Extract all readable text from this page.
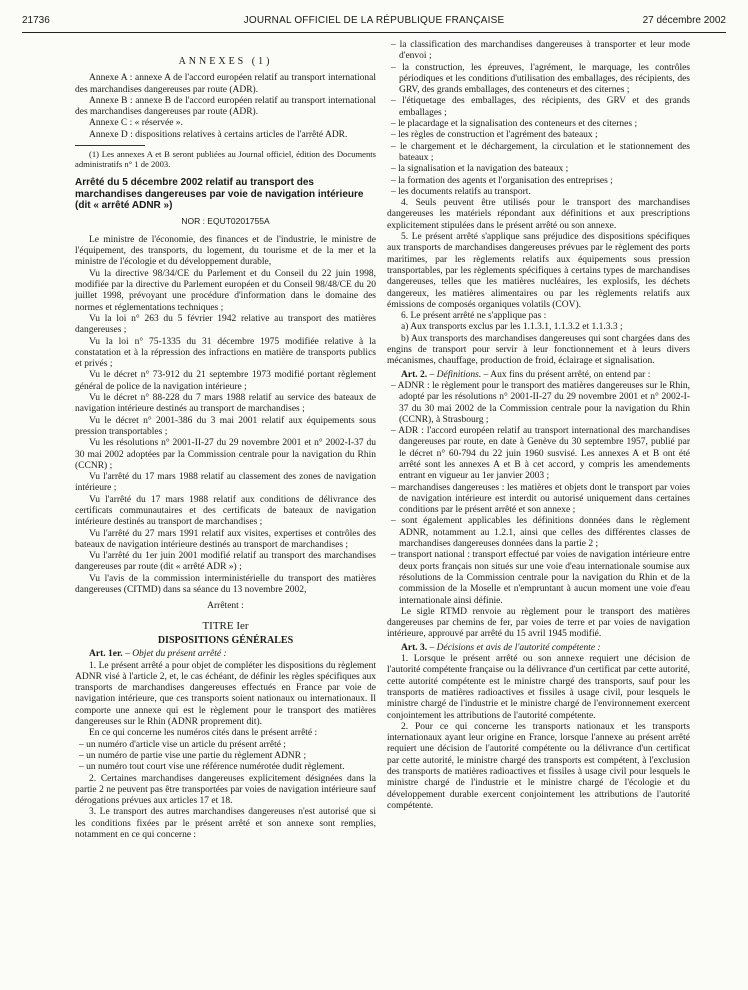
21736	JOURNAL OFFICIEL DE LA RÉPUBLIQUE FRANÇAISE	27 décembre 2002
ANNEXES (1)

Annexe A : annexe A de l'accord européen relatif au transport international des marchandises dangereuses par route (ADR).

Annexe B : annexe B de l'accord européen relatif au transport international des marchandises dangereuses par route (ADR).

Annexe C : « réservée ».

Annexe D : dispositions relatives à certains articles de l'arrêté ADR.

(1) Les annexes A et B seront publiées au Journal officiel, édition des Documents administratifs n° 1 de 2003.

Arrêté du 5 décembre 2002 relatif au transport des marchandises dangereuses par voie de navigation intérieure (dit « arrêté ADNR »)

NOR : EQUT0201755A

Le ministre de l'économie, des finances et de l'industrie, le ministre de l'équipement, des transports, du logement, du tourisme et de la mer et la ministre de l'écologie et du développement durable,

Vu la directive 98/34/CE du Parlement et du Conseil du 22 juin 1998, modifiée par la directive du Parlement européen et du Conseil 98/48/CE du 20 juillet 1998, prévoyant une procédure d'information dans le domaine des normes et réglementations techniques ;

Vu la loi n° 263 du 5 février 1942 relative au transport des matières dangereuses ;

Vu la loi n° 75-1335 du 31 décembre 1975 modifiée relative à la constatation et à la répression des infractions en matière de transports publics et privés ;

Vu le décret n° 73-912 du 21 septembre 1973 modifié portant règlement général de police de la navigation intérieure ;

Vu le décret n° 88-228 du 7 mars 1988 relatif au service des bateaux de navigation intérieure destinés au transport de marchandises ;

Vu le décret n° 2001-386 du 3 mai 2001 relatif aux équipements sous pression transportables ;

Vu les résolutions n° 2001-II-27 du 29 novembre 2001 et n° 2002-I-37 du 30 mai 2002 adoptées par la Commission centrale pour la navigation du Rhin (CCNR) ;

Vu l'arrêté du 17 mars 1988 relatif au classement des zones de navigation intérieure ;

Vu l'arrêté du 17 mars 1988 relatif aux conditions de délivrance des certificats communautaires et des certificats de bateaux de navigation intérieure destinés au transport de marchandises ;

Vu l'arrêté du 27 mars 1991 relatif aux visites, expertises et contrôles des bateaux de navigation intérieure destinés au transport de marchandises ;

Vu l'arrêté du 1er juin 2001 modifié relatif au transport des marchandises dangereuses par route (dit « arrêté ADR ») ;

Vu l'avis de la commission interministérielle du transport des matières dangereuses (CITMD) dans sa séance du 13 novembre 2002,

Arrêtent :

TITRE Ier
DISPOSITIONS GÉNÉRALES

Art. 1er. – Objet du présent arrêté :

1. Le présent arrêté a pour objet de compléter les dispositions du règlement ADNR visé à l'article 2, et, le cas échéant, de définir les règles spécifiques aux transports de marchandises dangereuses effectués en France par voie de navigation intérieure, que ces transports soient nationaux ou internationaux. Il comporte une annexe qui est le règlement pour le transport des matières dangereuses sur le Rhin (ADNR proprement dit).

En ce qui concerne les numéros cités dans le présent arrêté :

– un numéro d'article vise un article du présent arrêté ;

– un numéro de partie vise une partie du règlement ADNR ;

– un numéro tout court vise une référence numérotée dudit règlement.

2. Certaines marchandises dangereuses explicitement désignées dans la partie 2 ne peuvent pas être transportées par voies de navigation intérieure sauf dérogations prévues aux articles 17 et 18.

3. Le transport des autres marchandises dangereuses n'est autorisé que si les conditions fixées par le présent arrêté et son annexe sont remplies, notamment en ce qui concerne :

– la classification des marchandises dangereuses à transporter et leur mode d'envoi ;

– la construction, les épreuves, l'agrément, le marquage, les contrôles périodiques et les conditions d'utilisation des emballages, des récipients, des GRV, des grands emballages, des conteneurs et des citernes ;

– l'étiquetage des emballages, des récipients, des GRV et des grands emballages ;

– le placardage et la signalisation des conteneurs et des citernes ;

– les règles de construction et l'agrément des bateaux ;

– le chargement et le déchargement, la circulation et le stationnement des bateaux ;

– la signalisation et la navigation des bateaux ;

– la formation des agents et l'organisation des entreprises ;

– les documents relatifs au transport.

4. Seuls peuvent être utilisés pour le transport des marchandises dangereuses les matériels répondant aux définitions et aux prescriptions explicitement stipulées dans le présent arrêté ou son annexe.

5. Le présent arrêté s'applique sans préjudice des dispositions spécifiques aux transports de marchandises dangereuses prévues par le règlement des ports maritimes, par les règlements relatifs aux équipements sous pression transportables, par les règlements spécifiques à certains types de marchandises dangereuses, telles que les matières nucléaires, les explosifs, les déchets dangereux, les matières alimentaires ou par les règlements relatifs aux émissions de composés organiques volatils (COV).

6. Le présent arrêté ne s'applique pas :

a) Aux transports exclus par les 1.1.3.1, 1.1.3.2 et 1.1.3.3 ;

b) Aux transports des marchandises dangereuses qui sont chargées dans des engins de transport pour servir à leur fonctionnement et à leurs divers mécanismes, chauffage, production de froid, éclairage et signalisation.

Art. 2. – Définitions. – Aux fins du présent arrêté, on entend par :

– ADNR : le règlement pour le transport des matières dangereuses sur le Rhin, adopté par les résolutions n° 2001-II-27 du 29 novembre 2001 et n° 2002-I-37 du 30 mai 2002 de la Commission centrale pour la navigation du Rhin (CCNR), à Strasbourg ;

– ADR : l'accord européen relatif au transport international des marchandises dangereuses par route, en date à Genève du 30 septembre 1957, publié par le décret n° 60-794 du 22 juin 1960 susvisé. Les annexes A et B ont été arrêté sont les annexes A et B à cet accord, y compris les amendements entrant en vigueur au 1er janvier 2003 ;

– marchandises dangereuses : les matières et objets dont le transport par voies de navigation intérieure est interdit ou autorisé uniquement dans certaines conditions par le présent arrêté et son annexe ;

– sont également applicables les définitions données dans le règlement ADNR, notamment au 1.2.1, ainsi que celles des différentes classes de marchandises dangereuses données dans la partie 2 ;

– transport national : transport effectué par voies de navigation intérieure entre deux ports français non situés sur une voie d'eau internationale soumise aux résolutions de la Commission centrale pour la navigation du Rhin et de la commission de la Moselle et n'empruntant à aucun moment une voie d'eau internationale ainsi définie.

Le sigle RTMD renvoie au règlement pour le transport des matières dangereuses par chemins de fer, par voies de terre et par voies de navigation intérieure, approuvé par arrêté du 15 avril 1945 modifié.

Art. 3. – Décisions et avis de l'autorité compétente :

1. Lorsque le présent arrêté ou son annexe requiert une décision de l'autorité compétente française ou la délivrance d'un certificat par cette autorité, cette autorité compétente est le ministre chargé des transports, sauf pour les transports de matières radioactives et fissiles à usage civil, pour lesquels le ministre chargé de l'industrie et le ministre chargé de l'environnement exercent conjointement les attributions de l'autorité compétente.

2. Pour ce qui concerne les transports nationaux et les transports internationaux ayant leur origine en France, lorsque l'annexe au présent arrêté requiert une décision de l'autorité compétente ou la délivrance d'un certificat par cette autorité, le ministre chargé des transports est compétent, à l'exclusion des transports de matières radioactives et fissiles à usage civil pour lesquels le ministre chargé de l'industrie et le ministre chargé de l'écologie et du développement durable exercent conjointement les attributions de l'autorité compétente.
